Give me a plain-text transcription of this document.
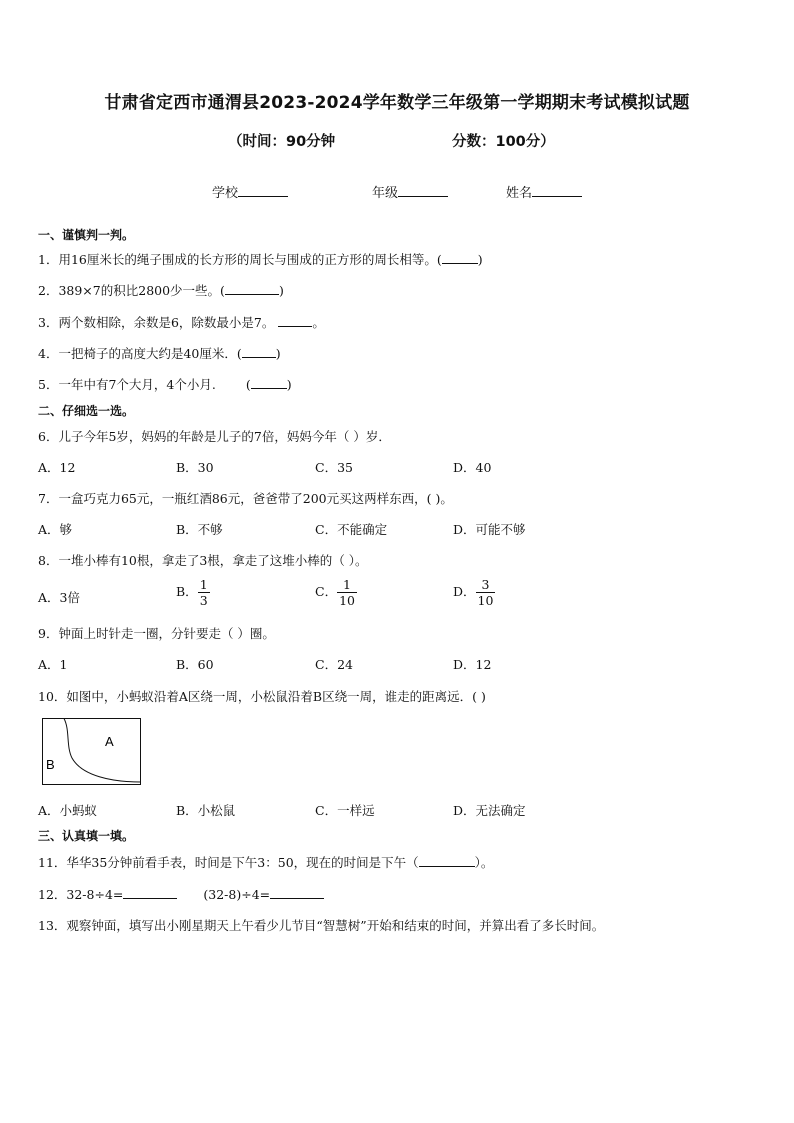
甘肃省定西市通渭县2023-2024学年数学三年级第一学期期末考试模拟试题
（时间：90分钟	分数：100分）
学校	年级	姓名
一、谨慎判一判。
1．用16厘米长的绳子围成的长方形的周长与围成的正方形的周长相等。(	)
2．389×7的积比2800少一些。(	)
3．两个数相除，余数是6，除数最小是7。	。
4．一把椅子的高度大约是40厘米．(	)
5．一年中有7个大月，4个小月. (	)
二、仔细选一选。
6．儿子今年5岁，妈妈的年龄是儿子的7倍，妈妈今年（ ）岁．
A．12	B．30	C．35	D．40
7．一盒巧克力65元，一瓶红酒86元，爸爸带了200元买这两样东西，( )。
A．够	B．不够	C．不能确定	D．可能不够
8．一堆小棒有10根，拿走了3根，拿走了这堆小棒的（ ）。
A．3倍	B． $\frac{1}{3}$	C． $\frac{1}{10}$	D． $\frac{3}{10}$
9．钟面上时针走一圈，分针要走（ ）圈。
A．1	B．60	C．24	D．12
10．如图中，小蚂蚁沿着A区绕一周，小松鼠沿着B区绕一周，谁走的距离远．( )
A
B
A．小蚂蚁	B．小松鼠	C．一样远	D．无法确定
三、认真填一填。
11．华华35分钟前看手表，时间是下午3：50，现在的时间是下午（	）。
12．32-8÷4=	(32-8)÷4=
13．观察钟面，填写出小刚星期天上午看少儿节目“智慧树”开始和结束的时间，并算出看了多长时间。
